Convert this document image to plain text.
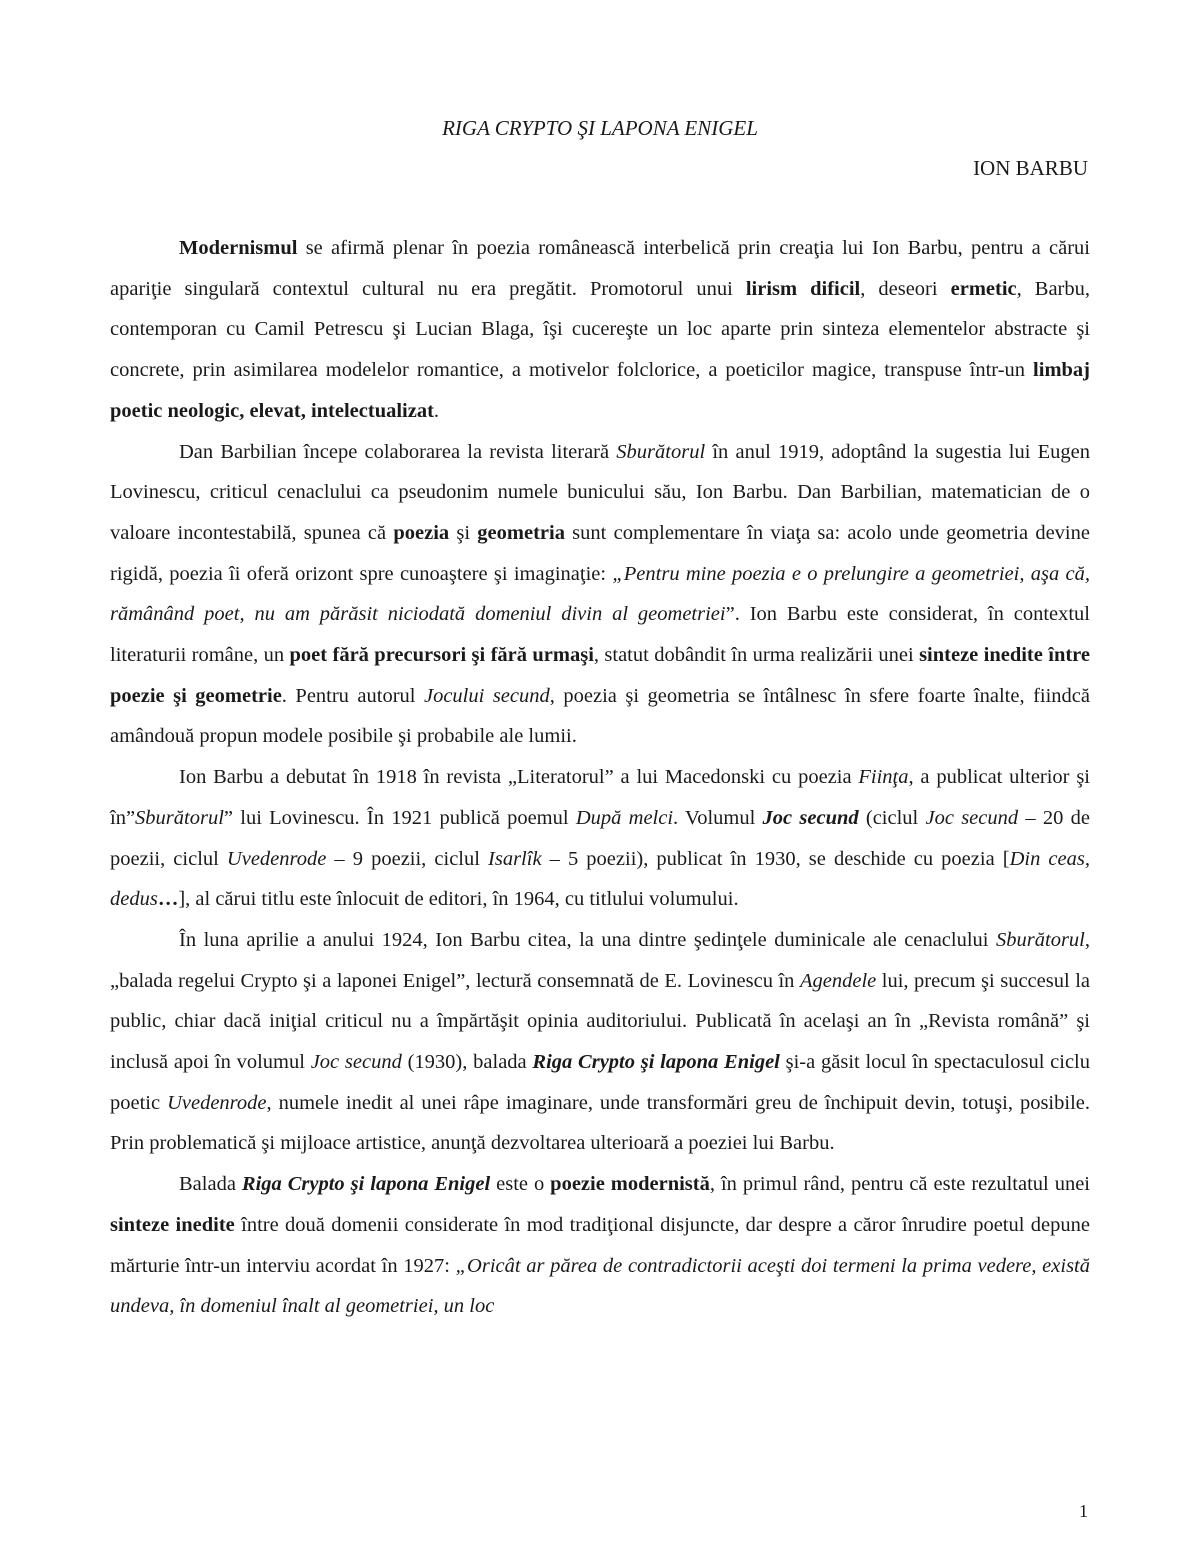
RIGA CRYPTO ŞI LAPONA ENIGEL
ION BARBU

Modernismul se afirmă plenar în poezia românească interbelică prin creaţia lui Ion Barbu, pentru a cărui apariţie singulară contextul cultural nu era pregătit. Promotorul unui lirism dificil, deseori ermetic, Barbu, contemporan cu Camil Petrescu şi Lucian Blaga, îşi cucereşte un loc aparte prin sinteza elementelor abstracte şi concrete, prin asimilarea modelelor romantice, a motivelor folclorice, a poeticilor magice, transpuse într-un limbaj poetic neologic, elevat, intelectualizat.

Dan Barbilian începe colaborarea la revista literară Sburătorul în anul 1919, adoptând la sugestia lui Eugen Lovinescu, criticul cenaclului ca pseudonim numele bunicului său, Ion Barbu. Dan Barbilian, matematician de o valoare incontestabilă, spunea că poezia şi geometria sunt complementare în viaţa sa: acolo unde geometria devine rigidă, poezia îi oferă orizont spre cunoaştere şi imaginaţie: „Pentru mine poezia e o prelungire a geometriei, aşa că, rămânând poet, nu am părăsit niciodată domeniul divin al geometriei”. Ion Barbu este considerat, în contextul literaturii române, un poet fără precursori şi fără urmaşi, statut dobândit în urma realizării unei sinteze inedite între poezie şi geometrie. Pentru autorul Jocului secund, poezia şi geometria se întâlnesc în sfere foarte înalte, fiindcă amândouă propun modele posibile şi probabile ale lumii.

Ion Barbu a debutat în 1918 în revista „Literatorul” a lui Macedonski cu poezia Fiinţa, a publicat ulterior şi în”Sburătorul” lui Lovinescu. În 1921 publică poemul După melci. Volumul Joc secund (ciclul Joc secund – 20 de poezii, ciclul Uvedenrode – 9 poezii, ciclul Isarlîk – 5 poezii), publicat în 1930, se deschide cu poezia [Din ceas, dedus…], al cărui titlu este înlocuit de editori, în 1964, cu titlului volumului.

În luna aprilie a anului 1924, Ion Barbu citea, la una dintre şedinţele duminicale ale cenaclului Sburătorul, „balada regelui Crypto şi a laponei Enigel”, lectură consemnată de E. Lovinescu în Agendele lui, precum şi succesul la public, chiar dacă iniţial criticul nu a împărtăşit opinia auditoriului. Publicată în acelaşi an în „Revista română” şi inclusă apoi în volumul Joc secund (1930), balada Riga Crypto şi lapona Enigel şi-a găsit locul în spectaculosul ciclu poetic Uvedenrode, numele inedit al unei râpe imaginare, unde transformări greu de închipuit devin, totuşi, posibile. Prin problematică şi mijloace artistice, anunţă dezvoltarea ulterioară a poeziei lui Barbu.

Balada Riga Crypto şi lapona Enigel este o poezie modernistă, în primul rând, pentru că este rezultatul unei sinteze inedite între două domenii considerate în mod tradiţional disjuncte, dar despre a căror înrudire poetul depune mărturie într-un interviu acordat în 1927: „Oricât ar părea de contradictorii aceşti doi termeni la prima vedere, există undeva, în domeniul înalt al geometriei, un loc

1
